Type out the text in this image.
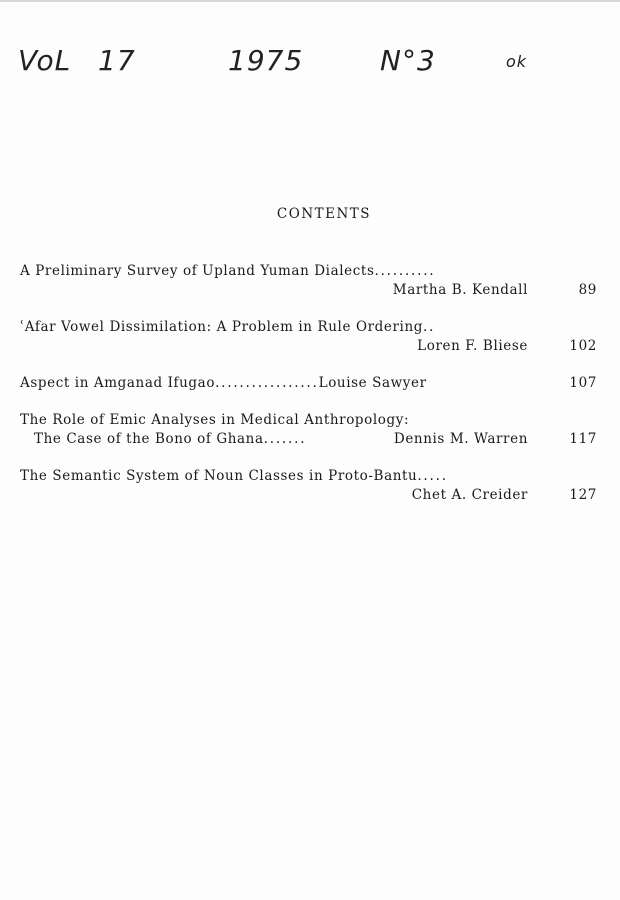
VoL 17	1975	N°3	ok
CONTENTS
A Preliminary Survey of Upland Yuman Dialects..........
Martha B. Kendall	89
ʿAfar Vowel Dissimilation: A Problem in Rule Ordering..
Loren F. Bliese	102
Aspect in Amganad Ifugao.................Louise Sawyer	107
The Role of Emic Analyses in Medical Anthropology:
The Case of the Bono of Ghana.......	Dennis M. Warren	117
The Semantic System of Noun Classes in Proto-Bantu.....
Chet A. Creider	127
